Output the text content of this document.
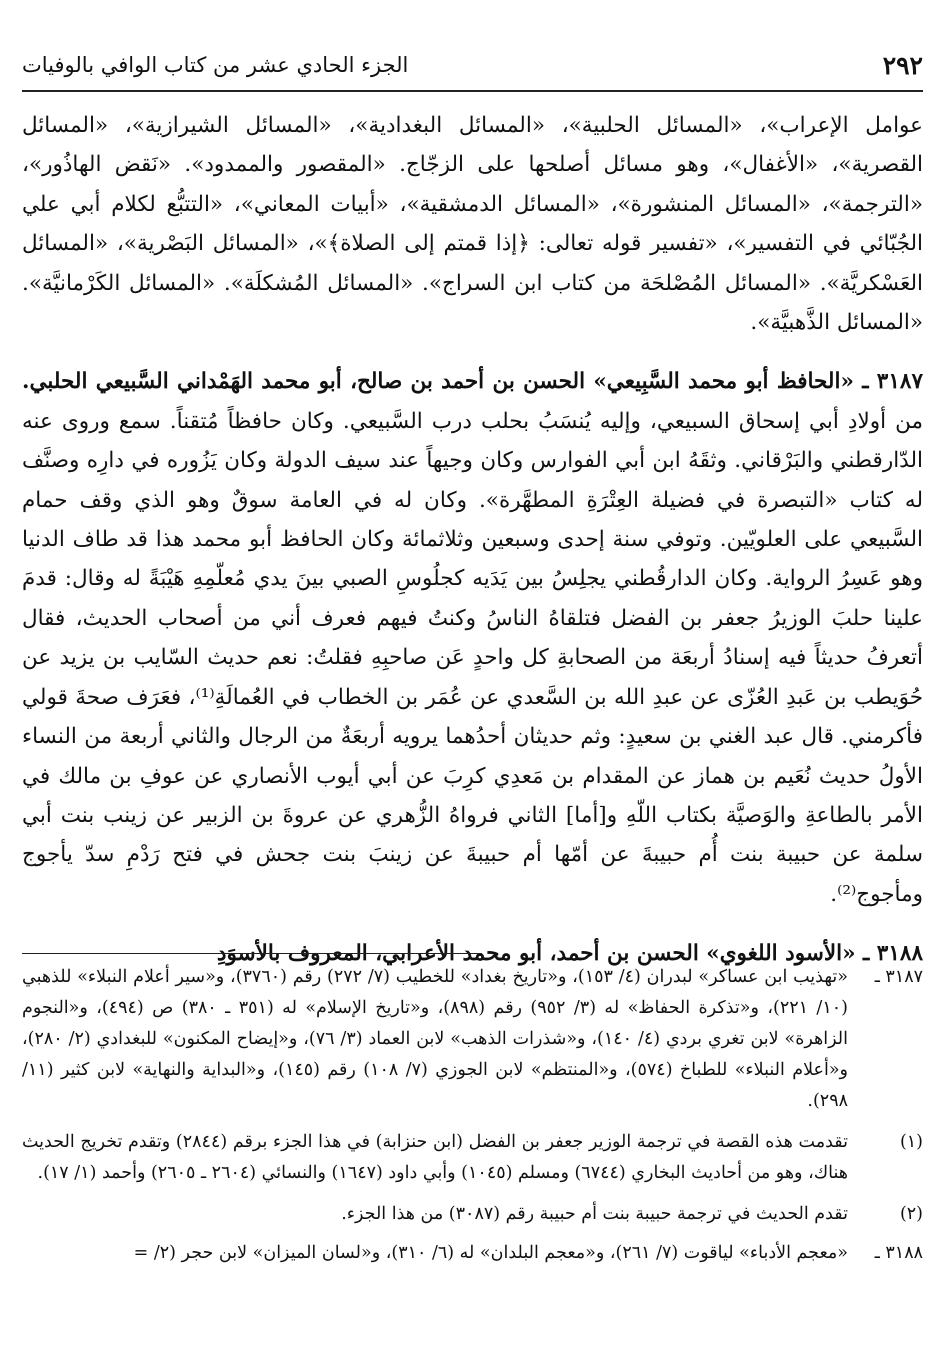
٢٩٢
الجزء الحادي عشر من كتاب الوافي بالوفيات

عوامل الإعراب»، «المسائل الحلبية»، «المسائل البغدادية»، «المسائل الشيرازية»، «المسائل القصرية»، «الأغفال»، وهو مسائل أصلحها على الزجّاج. «المقصور والممدود». «نَقض الهاذُور»، «الترجمة»، «المسائل المنشورة»، «المسائل الدمشقية»، «أبيات المعاني»، «التتبُّع لكلام أبي علي الجُبّائي في التفسير»، «تفسير قوله تعالى: ﴿إذا قمتم إلى الصلاة﴾»، «المسائل البَصْرية»، «المسائل العَسْكريَّة». «المسائل المُصْلحَة من كتاب ابن السراج». «المسائل المُشكلَة». «المسائل الكَرْمانيَّة». «المسائل الذَّهبيَّة».

٣١٨٧ ـ «الحافظ أبو محمد السَّبِيعي» الحسن بن أحمد بن صالح، أبو محمد الهَمْداني السَّبيعي الحلبي. من أولادِ أبي إسحاق السبيعي، وإليه يُنسَبُ بحلب درب السَّبيعي. وكان حافظاً مُتقناً. سمع وروى عنه الدّارقطني والبَرْقاني. وثقَهُ ابن أبي الفوارس وكان وجيهاً عند سيف الدولة وكان يَزُوره في دارِه وصنَّف له كتاب «التبصرة في فضيلة العِتْرَةِ المطهَّرة». وكان له في العامة سوقٌ وهو الذي وقف حمام السَّبيعي على العلويّين. وتوفي سنة إحدى وسبعين وثلاثمائة وكان الحافظ أبو محمد هذا قد طاف الدنيا وهو عَسِرُ الرواية. وكان الدارقُطني يجلِسُ بين يَدَيه كجلُوسِ الصبي بينَ يدي مُعلّمِهِ هَيْبَةً له وقال: قدمَ علينا حلبَ الوزيرُ جعفر بن الفضل فتلقاهُ الناسُ وكنتُ فيهم فعرف أني من أصحاب الحديث، فقال أتعرفُ حديثاً فيه إسنادُ أربعَة من الصحابةِ كل واحدٍ عَن صاحبِهِ فقلتُ: نعم حديث السّايب بن يزيد عن حُوَيطب بن عَبدِ العُزّى عن عبدِ الله بن السَّعدي عن عُمَر بن الخطاب في العُمالَةِ⁽¹⁾، فعَرَف صحةَ قولي فأكرمني. قال عبد الغني بن سعيدٍ: وثم حديثان أحدُهما يرويه أربعَةٌ من الرجال والثاني أربعة من النساء الأولُ حديث نُعَيم بن هماز عن المقدام بن مَعدِي كرِبَ عن أبي أيوب الأنصاري عن عوفِ بن مالك في الأمر بالطاعةِ والوَصيَّة بكتاب اللّهِ و[أما] الثاني فرواهُ الزُّهري عن عروةَ بن الزبير عن زينب بنت أبي سلمة عن حبيبة بنت أُم حبيبةَ عن أمّها أم حبيبةَ عن زينبَ بنت جحش في فتح رَدْمِ سدّ يأجوج ومأجوج⁽²⁾.

٣١٨٨ ـ «الأسود اللغوي» الحسن بن أحمد، أبو محمد الأعرابي، المعروف بالأسوَدِ

٣١٨٧ ـ
«تهذيب ابن عساكر» لبدران (٤/ ١٥٣)، و«تاريخ بغداد» للخطيب (٧/ ٢٧٢) رقم (٣٧٦٠)، و«سير أعلام النبلاء» للذهبي (١٠/ ٢٢١)، و«تذكرة الحفاظ» له (٣/ ٩٥٢) رقم (٨٩٨)، و«تاريخ الإسلام» له (٣٥١ ـ ٣٨٠) ص (٤٩٤)، و«النجوم الزاهرة» لابن تغري بردي (٤/ ١٤٠)، و«شذرات الذهب» لابن العماد (٣/ ٧٦)، و«إيضاح المكنون» للبغدادي (٢/ ٢٨٠)، و«أعلام النبلاء» للطباخ (٥٧٤)، و«المنتظم» لابن الجوزي (٧/ ١٠٨) رقم (١٤٥)، و«البداية والنهاية» لابن كثير (١١/ ٢٩٨).
(١)
تقدمت هذه القصة في ترجمة الوزير جعفر بن الفضل (ابن حنزابة) في هذا الجزء برقم (٢٨٤٤) وتقدم تخريج الحديث هناك، وهو من أحاديث البخاري (٦٧٤٤) ومسلم (١٠٤٥) وأبي داود (١٦٤٧) والنسائي (٢٦٠٤ ـ ٢٦٠٥) وأحمد (١/ ١٧).
(٢)
تقدم الحديث في ترجمة حبيبة بنت أم حبيبة رقم (٣٠٨٧) من هذا الجزء.
٣١٨٨ ـ
«معجم الأدباء» لياقوت (٧/ ٢٦١)، و«معجم البلدان» له (٦/ ٣١٠)، و«لسان الميزان» لابن حجر (٢/ =
